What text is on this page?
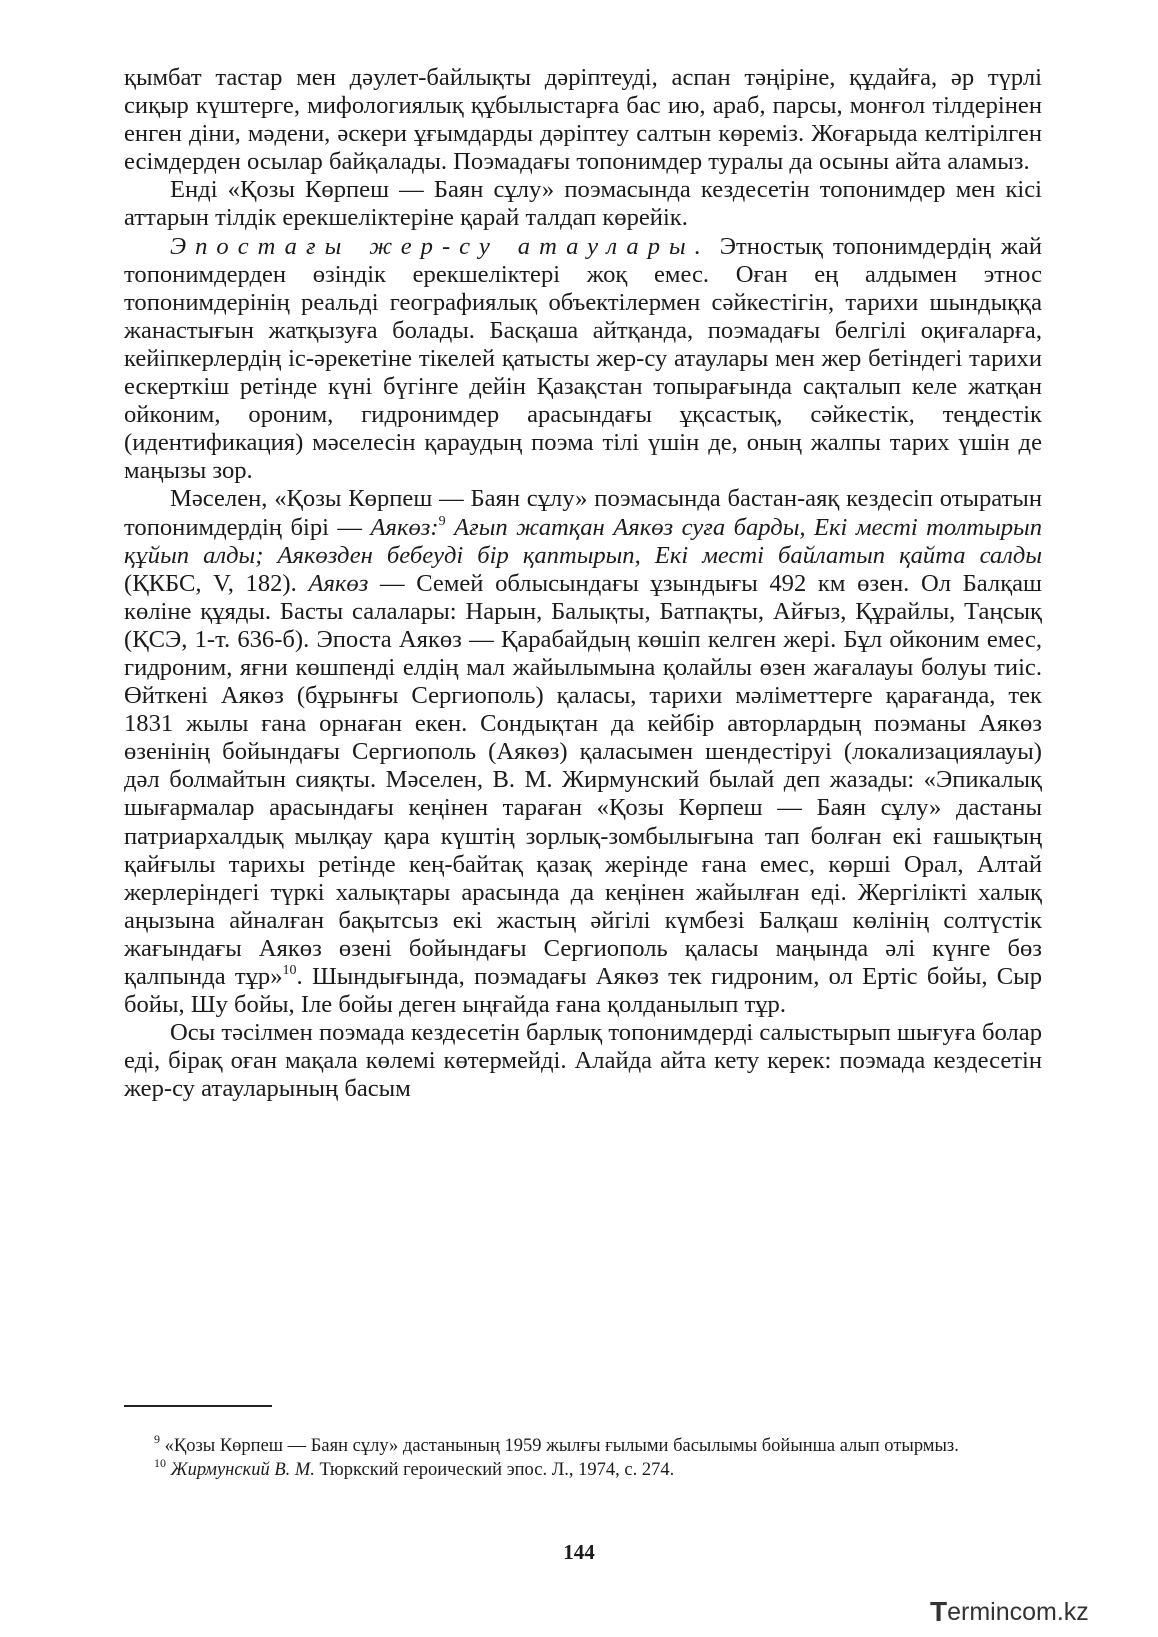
қымбат тастар мен дәулет-байлықты дәріптеуді, аспан тәңіріне, құдайға, әр түрлі сиқыр күштерге, мифологиялық құбылыстарға бас ию, араб, парсы, монғол тілдерінен енген діни, мәдени, әскери ұғымдарды дәріптеу салтын көреміз. Жоғарыда келтірілген есімдерден осылар байқалады. Поэмадағы топонимдер туралы да осыны айта аламыз.

Енді «Қозы Көрпеш — Баян сұлу» поэмасында кездесетін топонимдер мен кісі аттарын тілдік ерекшеліктеріне қарай талдап көрейік.

Эпостағы жер-су атаулары. Этностық топонимдердің жай топонимдерден өзіндік ерекшеліктері жоқ емес. Оған ең алдымен этнос топонимдерінің реальді географиялық объектілермен сәйкестігін, тарихи шындыққа жанастығын жатқызуға болады. Басқаша айтқанда, поэмадағы белгілі оқиғаларға, кейіпкерлердің іс-әрекетіне тікелей қатысты жер-су атаулары мен жер бетіндегі тарихи ескерткіш ретінде күні бүгінге дейін Қазақстан топырағында сақталып келе жатқан ойконим, ороним, гидронимдер арасындағы ұқсастық, сәйкестік, теңдестік (идентификация) мәселесін қараудың поэма тілі үшін де, оның жалпы тарих үшін де маңызы зор.

Мәселен, «Қозы Көрпеш — Баян сұлу» поэмасында бастан-аяқ кездесіп отыратын топонимдердің бірі — Аякөз:$^9$ Ағып жатқан Аякөз суға барды, Екі месті толтырып құйып алды; Аякөзден бебеуді бір қаптырып, Екі месті байлатып қайта салды (ҚКБС, V, 182). Аякөз — Семей облысындағы ұзындығы 492 км өзен. Ол Балқаш көліне құяды. Басты салалары: Нарын, Балықты, Батпақты, Айғыз, Құрайлы, Таңсық (ҚСЭ, 1-т. 636-б). Эпоста Аякөз — Қарабайдың көшіп келген жері. Бұл ойконим емес, гидроним, яғни көшпенді елдің мал жайылымына қолайлы өзен жағалауы болуы тиіс. Өйткені Аякөз (бұрынғы Сергиополь) қаласы, тарихи мәліметтерге қарағанда, тек 1831 жылы ғана орнаған екен. Сондықтан да кейбір авторлардың поэманы Аякөз өзенінің бойындағы Сергиополь (Аякөз) қаласымен шендестіруі (локализациялауы) дәл болмайтын сияқты. Мәселен, В. М. Жирмунский былай деп жазады: «Эпикалық шығармалар арасындағы кеңінен тараған «Қозы Көрпеш — Баян сұлу» дастаны патриархалдық мылқау қара күштің зорлық-зомбылығына тап болған екі ғашықтың қайғылы тарихы ретінде кең-байтақ қазақ жерінде ғана емес, көрші Орал, Алтай жерлеріндегі түркі халықтары арасында да кеңінен жайылған еді. Жергілікті халық аңызына айналған бақытсыз екі жастың әйгілі күмбезі Балқаш көлінің солтүстік жағындағы Аякөз өзені бойындағы Сергиополь қаласы маңында әлі күнге бөз қалпында тұр»$^{10}$. Шындығында, поэмадағы Аякөз тек гидроним, ол Ертіс бойы, Сыр бойы, Шу бойы, Іле бойы деген ыңғайда ғана қолданылып тұр.

Осы тәсілмен поэмада кездесетін барлық топонимдерді салыстырып шығуға болар еді, бірақ оған мақала көлемі көтермейді. Алайда айта кету керек: поэмада кездесетін жер-су атауларының басым

$^9$ «Қозы Көрпеш — Баян сұлу» дастанының 1959 жылғы ғылыми басылымы бойынша алып отырмыз.

$^{10}$ Жирмунский В. М. Тюркский героический эпос. Л., 1974, с. 274.

144
T ermincom.kz
